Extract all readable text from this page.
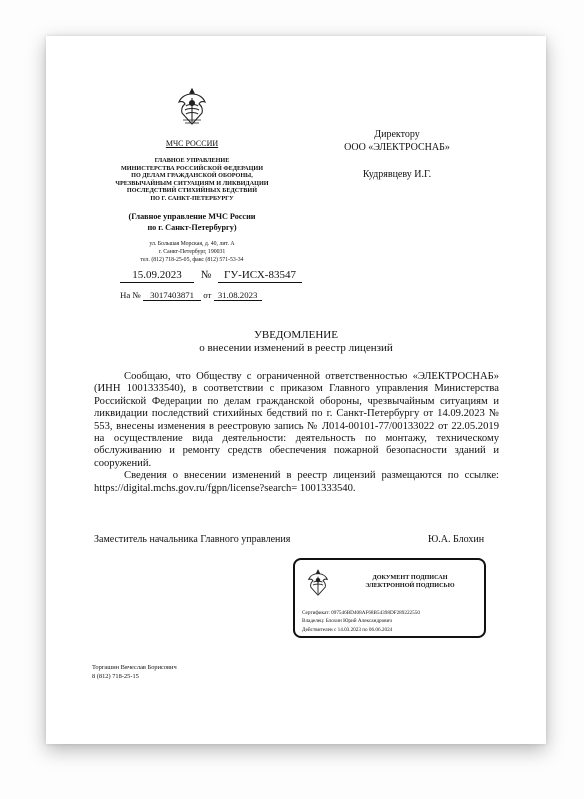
МЧС РОССИИ
ГЛАВНОЕ УПРАВЛЕНИЕ
МИНИСТЕРСТВА РОССИЙСКОЙ ФЕДЕРАЦИИ
ПО ДЕЛАМ ГРАЖДАНСКОЙ ОБОРОНЫ,
ЧРЕЗВЫЧАЙНЫМ СИТУАЦИЯМ И ЛИКВИДАЦИИ
ПОСЛЕДСТВИЙ СТИХИЙНЫХ БЕДСТВИЙ
ПО Г. САНКТ-ПЕТЕРБУРГУ
(Главное управление МЧС России
по г. Санкт-Петербургу)
ул. Большая Морская, д. 40, лит. А
г. Санкт-Петербург, 190031
тел. (812) 718-25-05, факс (812) 571-53-34
15.09.2023 № ГУ-ИСХ-83547
На № 3017403871 от 31.08.2023
Директору
ООО «ЭЛЕКТРОСНАБ»
Кудрявцеву И.Г.
УВЕДОМЛЕНИЕ
о внесении изменений в реестр лицензий

Сообщаю, что Обществу с ограниченной ответственностью «ЭЛЕКТРОСНАБ» (ИНН 1001333540), в соответствии с приказом Главного управления Министерства Российской Федерации по делам гражданской обороны, чрезвычайным ситуациям и ликвидации последствий стихийных бедствий по г. Санкт-Петербургу от 14.09.2023 № 553, внесены изменения в реестровую запись № Л014-00101-77/00133022 от 22.05.2019 на осуществление вида деятельности: деятельность по монтажу, техническому обслуживанию и ремонту средств обеспечения пожарной безопасности зданий и сооружений.

Сведения о внесении изменений в реестр лицензий размещаются по ссылке: https://digital.mchs.gov.ru/fgpn/license?search= 1001333540.

Заместитель начальника Главного управления	Ю.А. Блохин
ДОКУМЕНТ ПОДПИСАН
ЭЛЕКТРОННОЙ ПОДПИСЬЮ
Сертификат: 097546BD408AF68B54398DF289222550
Владелец: Блохин Юрий Александрович
Действителен с 14.03.2023 по 06.06.2024
Торгашин Вячеслав Борисович
8 (812) 718-25-15
